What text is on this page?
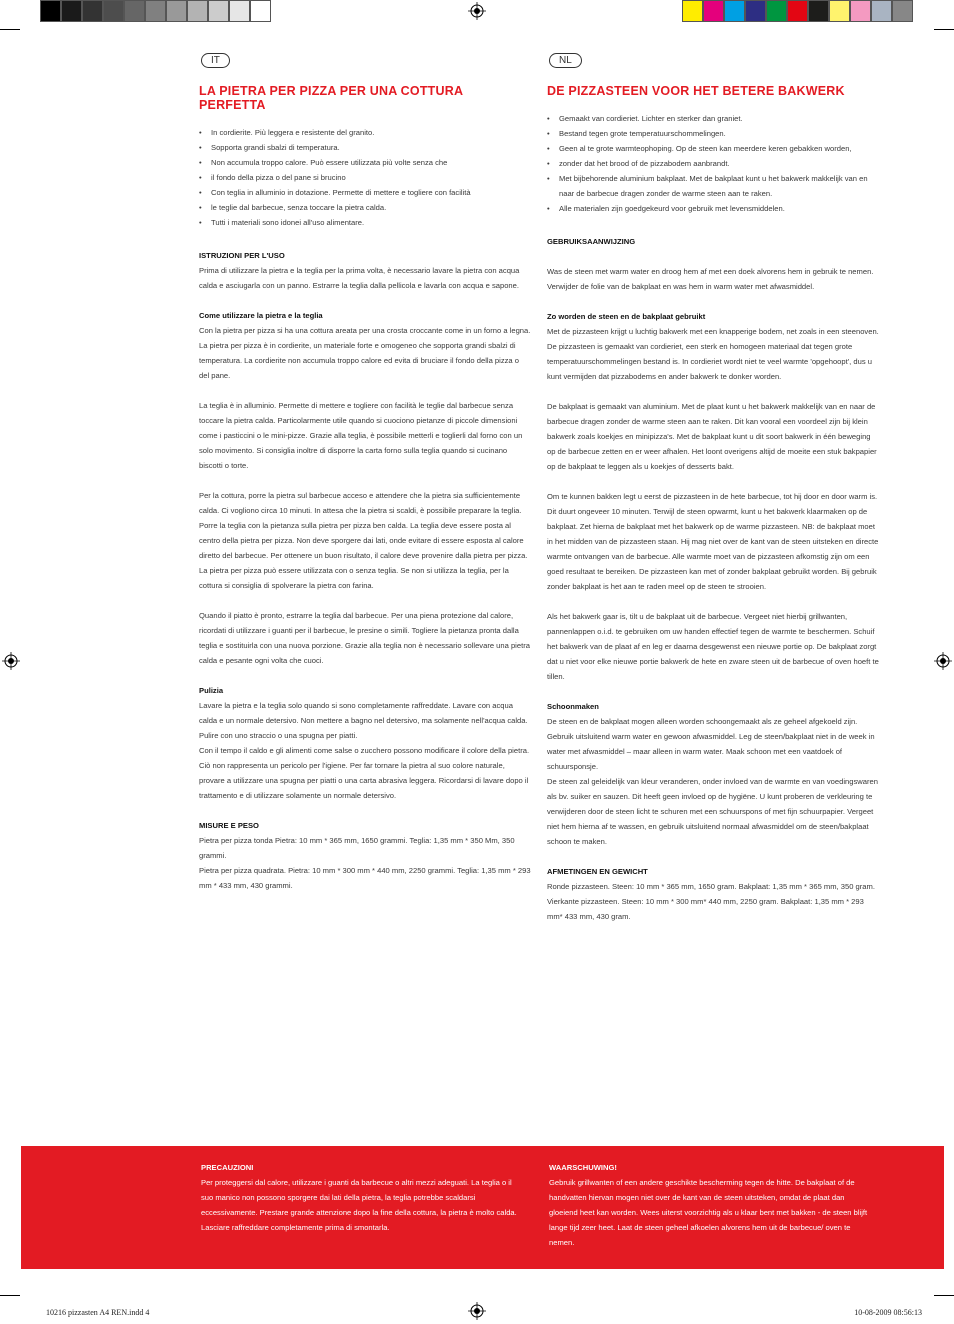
IT
LA PIETRA PER PIZZA PER UNA COTTURA PERFETTA
• In cordierite. Più leggera e resistente del granito.
• Sopporta grandi sbalzi di temperatura.
• Non accumula troppo calore. Può essere utilizzata più volte senza che
• il fondo della pizza o del pane si brucino
• Con teglia in alluminio in dotazione. Permette di mettere e togliere con facilità
• le teglie dal barbecue, senza toccare la pietra calda.
• Tutti i materiali sono idonei all'uso alimentare.

ISTRUZIONI PER L'USO

Prima di utilizzare la pietra e la teglia per la prima volta, è necessario lavare la pietra con acqua calda e asciugarla con un panno. Estrarre la teglia dalla pellicola e lavarla con acqua e sapone.

Come utilizzare la pietra e la teglia

Con la pietra per pizza si ha una cottura areata per una crosta croccante come in un forno a legna.

La pietra per pizza è in cordierite, un materiale forte e omogeneo che sopporta grandi sbalzi di temperatura. La cordierite non accumula troppo calore ed evita di bruciare il fondo della pizza o del pane.

La teglia è in alluminio. Permette di mettere e togliere con facilità le teglie dal barbecue senza toccare la pietra calda. Particolarmente utile quando si cuociono pietanze di piccole dimensioni come i pasticcini o le mini-pizze. Grazie alla teglia, è possibile metterli e toglierli dal forno con un solo movimento. Si consiglia inoltre di disporre la carta forno sulla teglia quando si cucinano biscotti o torte.

Per la cottura, porre la pietra sul barbecue acceso e attendere che la pietra sia sufficientemente calda. Ci vogliono circa 10 minuti. In attesa che la pietra si scaldi, è possibile preparare la teglia. Porre la teglia con la pietanza sulla pietra per pizza ben calda. La teglia deve essere posta al centro della pietra per pizza. Non deve sporgere dai lati, onde evitare di essere esposta al calore diretto del barbecue. Per ottenere un buon risultato, il calore deve provenire dalla pietra per pizza. La pietra per pizza può essere utilizzata con o senza teglia. Se non si utilizza la teglia, per la cottura si consiglia di spolverare la pietra con farina.

Quando il piatto è pronto, estrarre la teglia dal barbecue. Per una piena protezione dal calore, ricordati di utilizzare i guanti per il barbecue, le presine o simili. Togliere la pietanza pronta dalla teglia e sostituirla con una nuova porzione. Grazie alla teglia non è necessario sollevare una pietra calda e pesante ogni volta che cuoci.

Pulizia

Lavare la pietra e la teglia solo quando si sono completamente raffreddate. Lavare con acqua calda e un normale detersivo. Non mettere a bagno nel detersivo, ma solamente nell'acqua calda. Pulire con uno straccio o una spugna per piatti.

Con il tempo il caldo e gli alimenti come salse o zucchero possono modificare il colore della pietra. Ciò non rappresenta un pericolo per l'igiene. Per far tornare la pietra al suo colore naturale, provare a utilizzare una spugna per piatti o una carta abrasiva leggera. Ricordarsi di lavare dopo il trattamento e di utilizzare solamente un normale detersivo.

MISURE E PESO

Pietra per pizza tonda Pietra: 10 mm * 365 mm, 1650 grammi. Teglia: 1,35 mm * 350 Mm, 350 grammi.

Pietra per pizza quadrata. Pietra: 10 mm * 300 mm * 440 mm, 2250 grammi. Teglia: 1,35 mm * 293 mm * 433 mm, 430 grammi.

NL
DE PIZZASTEEN VOOR HET BETERE BAKWERK
• Gemaakt van cordieriet. Lichter en sterker dan graniet.
• Bestand tegen grote temperatuurschommelingen.
• Geen al te grote warmteophoping. Op de steen kan meerdere keren gebakken worden,
• zonder dat het brood of de pizzabodem aanbrandt.
• Met bijbehorende aluminium bakplaat. Met de bakplaat kunt u het bakwerk makkelijk van en naar de barbecue dragen zonder de warme steen aan te raken.
• Alle materialen zijn goedgekeurd voor gebruik met levensmiddelen.

GEBRUIKSAANWIJZING

Was de steen met warm water en droog hem af met een doek alvorens hem in gebruik te nemen. Verwijder de folie van de bakplaat en was hem in warm water met afwasmiddel.

Zo worden de steen en de bakplaat gebruikt

Met de pizzasteen krijgt u luchtig bakwerk met een knapperige bodem, net zoals in een steenoven. De pizzasteen is gemaakt van cordieriet, een sterk en homogeen materiaal dat tegen grote temperatuurschommelingen bestand is. In cordieriet wordt niet te veel warmte 'opgehoopt', dus u kunt vermijden dat pizzabodems en ander bakwerk te donker worden.

De bakplaat is gemaakt van aluminium. Met de plaat kunt u het bakwerk makkelijk van en naar de barbecue dragen zonder de warme steen aan te raken. Dit kan vooral een voordeel zijn bij klein bakwerk zoals koekjes en minipizza's. Met de bakplaat kunt u dit soort bakwerk in één beweging op de barbecue zetten en er weer afhalen. Het loont overigens altijd de moeite een stuk bakpapier op de bakplaat te leggen als u koekjes of desserts bakt.

Om te kunnen bakken legt u eerst de pizzasteen in de hete barbecue, tot hij door en door warm is. Dit duurt ongeveer 10 minuten. Terwijl de steen opwarmt, kunt u het bakwerk klaarmaken op de bakplaat. Zet hierna de bakplaat met het bakwerk op de warme pizzasteen. NB: de bakplaat moet in het midden van de pizzasteen staan. Hij mag niet over de kant van de steen uitsteken en directe warmte ontvangen van de barbecue. Alle warmte moet van de pizzasteen afkomstig zijn om een goed resultaat te bereiken. De pizzasteen kan met of zonder bakplaat gebruikt worden. Bij gebruik zonder bakplaat is het aan te raden meel op de steen te strooien.

Als het bakwerk gaar is, tilt u de bakplaat uit de barbecue. Vergeet niet hierbij grillwanten, pannenlappen o.i.d. te gebruiken om uw handen effectief tegen de warmte te beschermen. Schuif het bakwerk van de plaat af en leg er daarna desgewenst een nieuwe portie op. De bakplaat zorgt dat u niet voor elke nieuwe portie bakwerk de hete en zware steen uit de barbecue of oven hoeft te tillen.

Schoonmaken

De steen en de bakplaat mogen alleen worden schoongemaakt als ze geheel afgekoeld zijn. Gebruik uitsluitend warm water en gewoon afwasmiddel. Leg de steen/bakplaat niet in de week in water met afwasmiddel – maar alleen in warm water. Maak schoon met een vaatdoek of schuursponsje.

De steen zal geleidelijk van kleur veranderen, onder invloed van de warmte en van voedingswaren als bv. suiker en sauzen. Dit heeft geen invloed op de hygiëne. U kunt proberen de verkleuring te verwijderen door de steen licht te schuren met een schuurspons of met fijn schuurpapier. Vergeet niet hem hierna af te wassen, en gebruik uitsluitend normaal afwasmiddel om de steen/bakplaat schoon te maken.

AFMETINGEN EN GEWICHT

Ronde pizzasteen. Steen: 10 mm * 365 mm, 1650 gram. Bakplaat: 1,35 mm * 365 mm, 350 gram.

Vierkante pizzasteen. Steen: 10 mm * 300 mm* 440 mm, 2250 gram. Bakplaat: 1,35 mm * 293 mm* 433 mm, 430 gram.

PRECAUZIONI

Per proteggersi dal calore, utilizzare i guanti da barbecue o altri mezzi adeguati. La teglia o il suo manico non possono sporgere dai lati della pietra, la teglia potrebbe scaldarsi eccessivamente. Prestare grande attenzione dopo la fine della cottura, la pietra è molto calda. Lasciare raffreddare completamente prima di smontarla.

WAARSCHUWING!

Gebruik grillwanten of een andere geschikte bescherming tegen de hitte. De bakplaat of de handvatten hiervan mogen niet over de kant van de steen uitsteken, omdat de plaat dan gloeiend heet kan worden. Wees uiterst voorzichtig als u klaar bent met bakken - de steen blijft lange tijd zeer heet. Laat de steen geheel afkoelen alvorens hem uit de barbecue/ oven te nemen.

10216 pizzasten A4 REN.indd 4	10-08-2009 08:56:13
